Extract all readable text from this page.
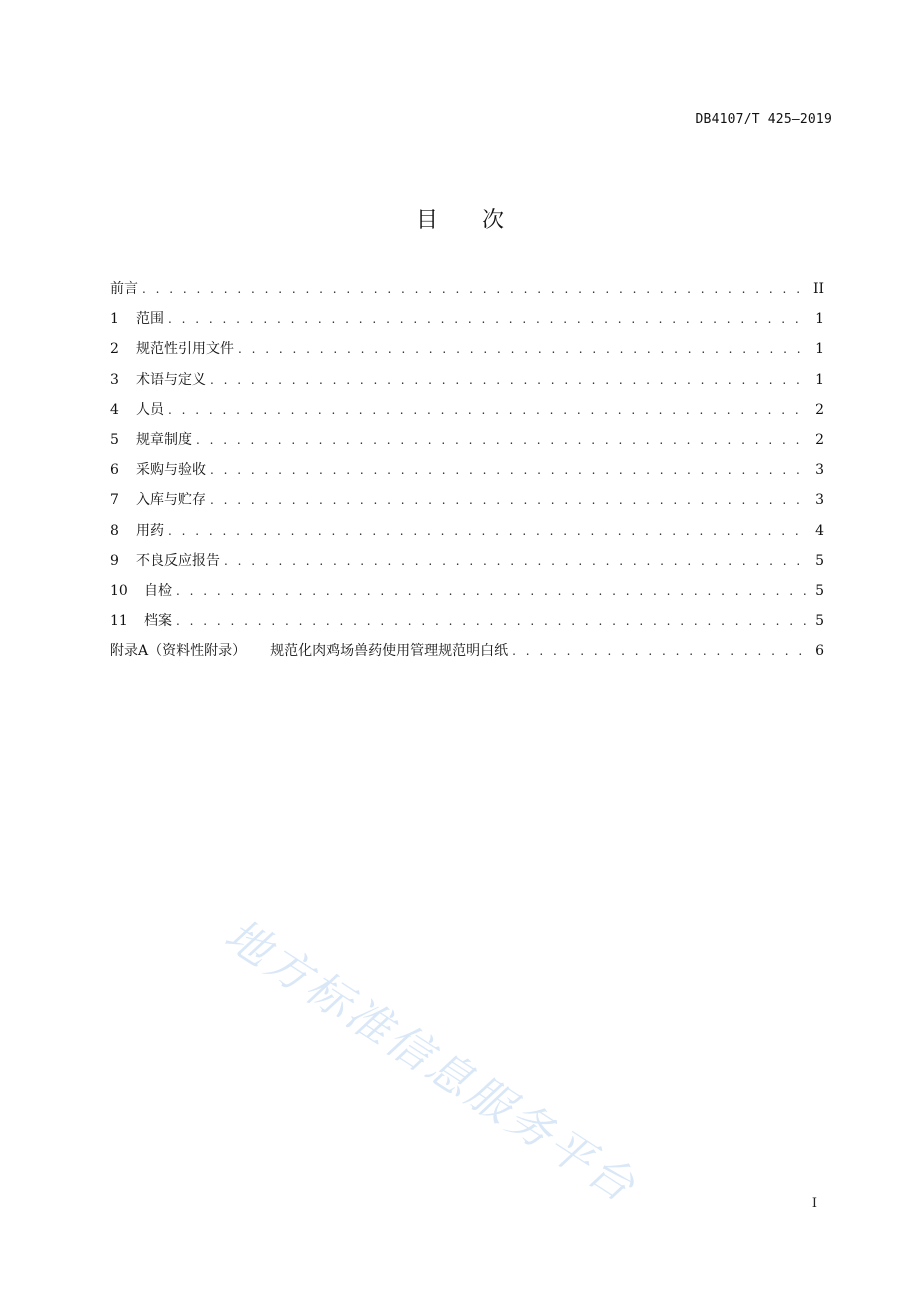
DB4107/T 425—2019
目次
前言 . . .	II
1	范围 . . .	1
2	规范性引用文件 . . .	1
3	术语与定义 . . .	1
4	人员 . . .	2
5	规章制度 . . .	2
6	采购与验收 . . .	3
7	入库与贮存 . . .	3
8	用药 . . .	4
9	不良反应报告 . . .	5
10	自检 . . .	5
11	档案 . . .	5
附录A（资料性附录） 规范化肉鸡场兽药使用管理规范明白纸 . . .	6
地方标准信息服务平台	I
